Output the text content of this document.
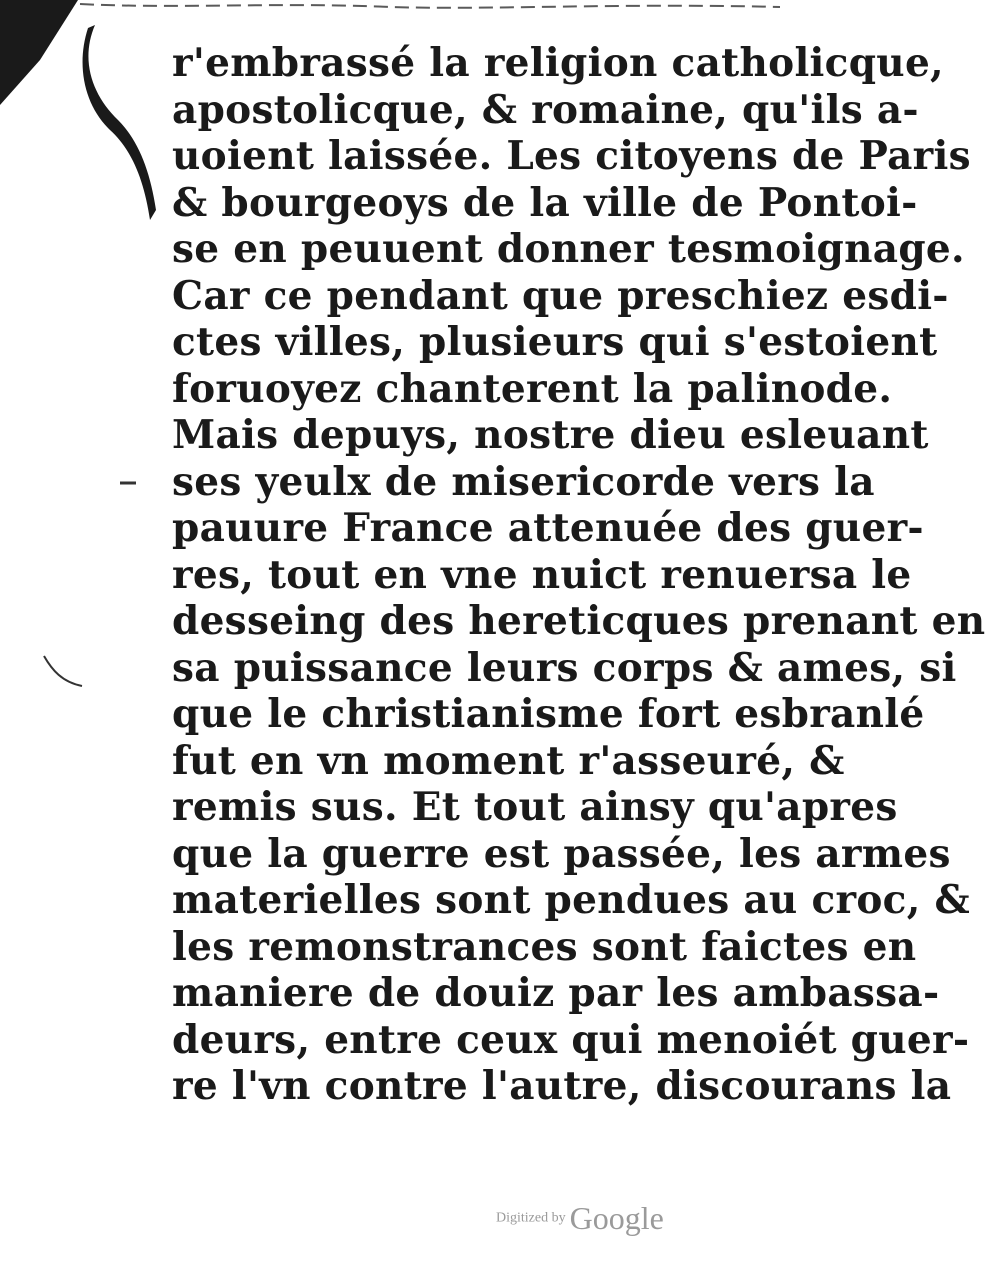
r'embrassé la religion catholicque,
apostolicque, & romaine, qu'ils a-
uoient laissée. Les citoyens de Paris
& bourgeoys de la ville de Pontoi-
se en peuuent donner tesmoignage.
Car ce pendant que preschiez esdi-
ctes villes, plusieurs qui s'estoient
foruoyez chanterent la palinode.
Mais depuys, nostre dieu esleuant
ses yeulx de misericorde vers la
pauure France attenuée des guer-
res, tout en vne nuict renuersa le
desseing des hereticques prenant en
sa puissance leurs corps & ames, si
que le christianisme fort esbranlé
fut en vn moment r'asseuré, &
remis sus. Et tout ainsy qu'apres
que la guerre est passée, les armes
materielles sont pendues au croc, &
les remonstrances sont faictes en
maniere de douiz par les ambassa-
deurs, entre ceux qui menoiét guer-
re l'vn contre l'autre, discourans la
Digitized by Google
